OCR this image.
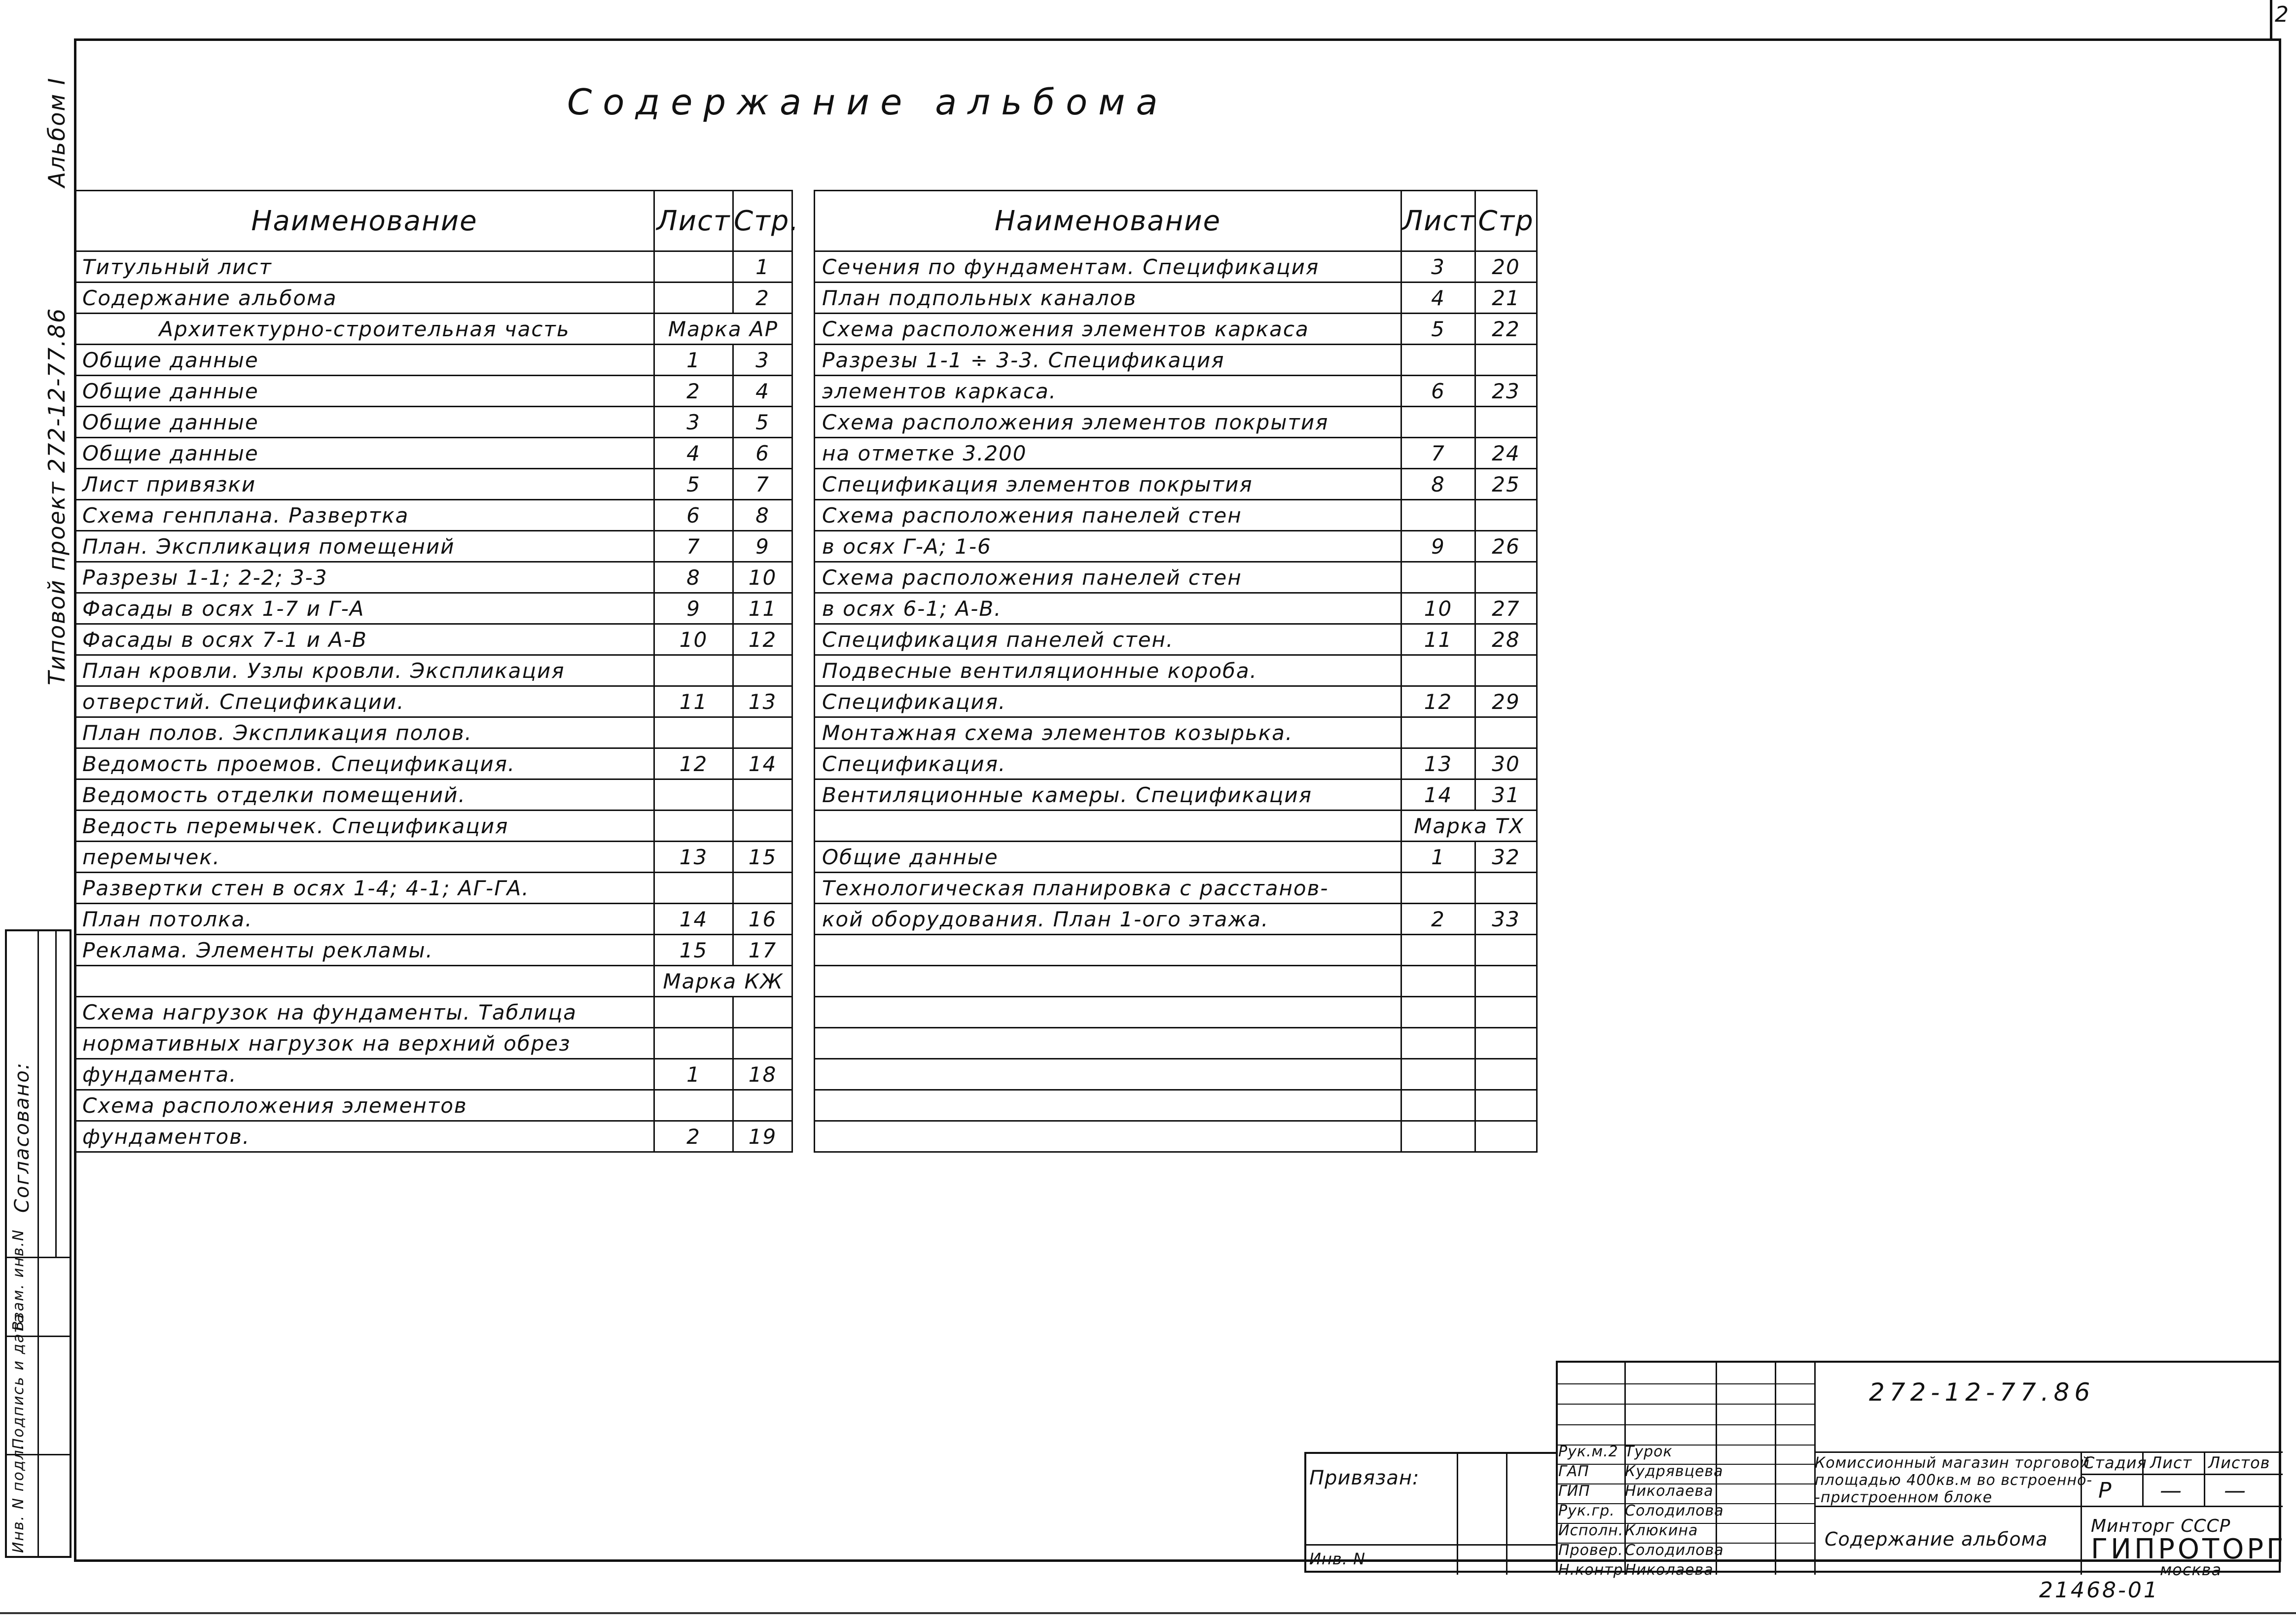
2
Альбом I
Типовой проект 272-12-77.86
Согласовано:
Взам. инв.N
Подпись и дата
Инв. N подл.
Содержание альбома
Наименование	Лист	Стр.
Титульный лист		1
Содержание альбома		2
Архитектурно-строительная часть	Марка АР	
Общие данные	1	3
Общие данные	2	4
Общие данные	3	5
Общие данные	4	6
Лист привязки	5	7
Схема генплана. Развертка	6	8
План. Экспликация помещений	7	9
Разрезы 1-1; 2-2; 3-3	8	10
Фасады в осях 1-7 и Г-А	9	11
Фасады в осях 7-1 и А-В	10	12
План кровли. Узлы кровли. Экспликация		
отверстий. Спецификации.	11	13
План полов. Экспликация полов.		
Ведомость проемов. Спецификация.	12	14
Ведомость отделки помещений.		
Ведость перемычек. Спецификация		
перемычек.	13	15
Развертки стен в осях 1-4; 4-1; АГ-ГА.		
План потолка.	14	16
Реклама. Элементы рекламы.	15	17
	Марка КЖ	
Схема нагрузок на фундаменты. Таблица		
нормативных нагрузок на верхний обрез		
фундамента.	1	18
Схема расположения элементов		
фундаментов.	2	19
Наименование	Лист	Стр
Сечения по фундаментам. Спецификация	3	20
План подпольных каналов	4	21
Схема расположения элементов каркаса	5	22
Разрезы 1-1 ÷ 3-3. Спецификация		
элементов каркаса.	6	23
Схема расположения элементов покрытия		
на отметке 3.200	7	24
Спецификация элементов покрытия	8	25
Схема расположения панелей стен		
в осях Г-А; 1-6	9	26
Схема расположения панелей стен		
в осях 6-1; А-В.	10	27
Спецификация панелей стен.	11	28
Подвесные вентиляционные короба.		
Спецификация.	12	29
Монтажная схема элементов козырька.		
Спецификация.	13	30
Вентиляционные камеры. Спецификация	14	31
	Марка ТХ	
Общие данные	1	32
Технологическая планировка с расстанов-		
кой оборудования. План 1-ого этажа.	2	33

Привязан:
Инв. N
Рук.м.2 Турок
ГАП Кудрявцева
ГИП Николаева
Рук.гр. Солодилова
Исполн. Клюкина
Провер. Солодилова
Н.контр.
Николаева
272-12-77.86
Комиссионный магазин торговой
площадью 400кв.м во встроенно-
-пристроенном блоке
Стадия Лист Листов
Р — —
Содержание альбома
Минторг СССР
ГИПРОТОРГ
москва
21468-01
